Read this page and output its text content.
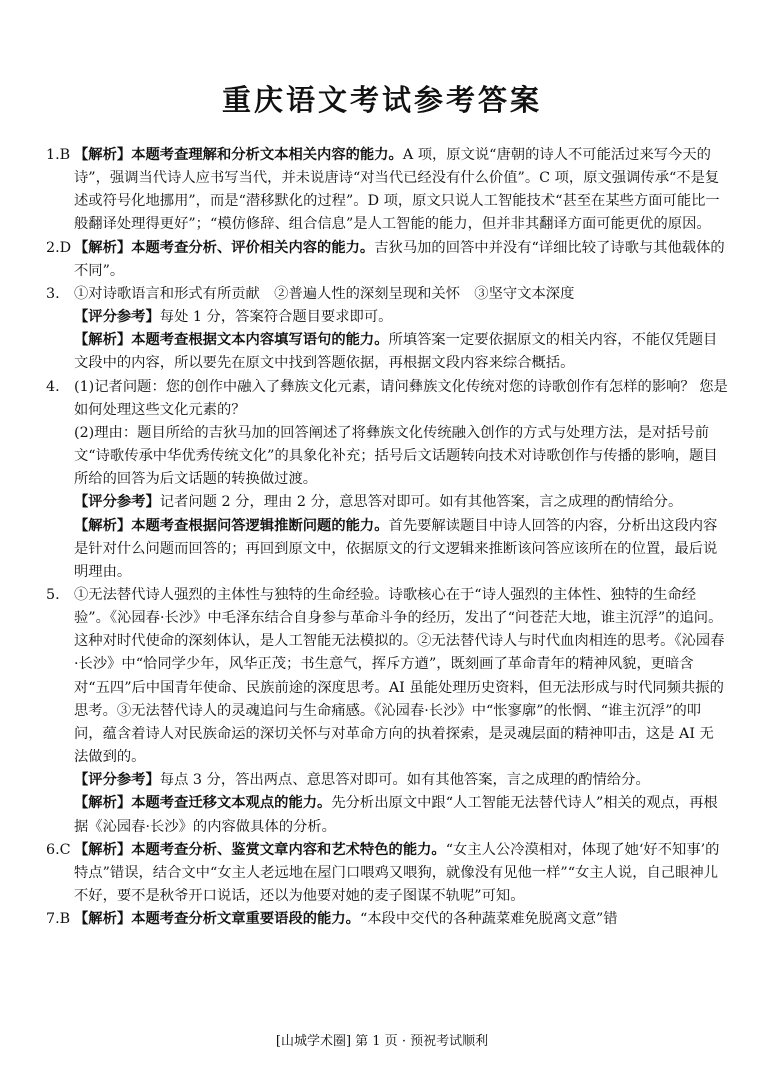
重庆语文考试参考答案
1.B 【解析】本题考查理解和分析文本相关内容的能力。A 项，原文说“唐朝的诗人不可能活过来写今天的诗”，强调当代诗人应书写当代，并未说唐诗“对当代已经没有什么价值”。C 项，原文强调传承“不是复述或符号化地挪用”，而是“潜移默化的过程”。D 项，原文只说人工智能技术“甚至在某些方面可能比一般翻译处理得更好”；“模仿修辞、组合信息”是人工智能的能力，但并非其翻译方面可能更优的原因。
2.D 【解析】本题考查分析、评价相关内容的能力。吉狄马加的回答中并没有“详细比较了诗歌与其他载体的不同”。
3. ①对诗歌语言和形式有所贡献　②普遍人性的深刻呈现和关怀　③坚守文本深度
【评分参考】每处 1 分，答案符合题目要求即可。
【解析】本题考查根据文本内容填写语句的能力。所填答案一定要依据原文的相关内容，不能仅凭题目文段中的内容，所以要先在原文中找到答题依据，再根据文段内容来综合概括。
4. (1)记者问题：您的创作中融入了彝族文化元素，请问彝族文化传统对您的诗歌创作有怎样的影响？ 您是如何处理这些文化元素的？
(2)理由：题目所给的吉狄马加的回答阐述了将彝族文化传统融入创作的方式与处理方法，是对括号前文“诗歌传承中华优秀传统文化”的具象化补充；括号后文话题转向技术对诗歌创作与传播的影响，题目所给的回答为后文话题的转换做过渡。
【评分参考】记者问题 2 分，理由 2 分，意思答对即可。如有其他答案，言之成理的酌情给分。
【解析】本题考查根据问答逻辑推断问题的能力。首先要解读题目中诗人回答的内容，分析出这段内容是针对什么问题而回答的；再回到原文中，依据原文的行文逻辑来推断该问答应该所在的位置，最后说明理由。
5. ①无法替代诗人强烈的主体性与独特的生命经验。诗歌核心在于“诗人强烈的主体性、独特的生命经验”。《沁园春·长沙》中毛泽东结合自身参与革命斗争的经历，发出了“问苍茫大地，谁主沉浮”的追问。这种对时代使命的深刻体认，是人工智能无法模拟的。②无法替代诗人与时代血肉相连的思考。《沁园春·长沙》中“恰同学少年，风华正茂；书生意气，挥斥方遒”，既刻画了革命青年的精神风貌，更暗含对“五四”后中国青年使命、民族前途的深度思考。AI 虽能处理历史资料，但无法形成与时代同频共振的思考。③无法替代诗人的灵魂追问与生命痛感。《沁园春·长沙》中“怅寥廓”的怅惘、“谁主沉浮”的叩问，蕴含着诗人对民族命运的深切关怀与对革命方向的执着探索，是灵魂层面的精神叩击，这是 AI 无法做到的。
【评分参考】每点 3 分，答出两点、意思答对即可。如有其他答案，言之成理的酌情给分。
【解析】本题考查迁移文本观点的能力。先分析出原文中跟“人工智能无法替代诗人”相关的观点，再根据《沁园春·长沙》的内容做具体的分析。
6.C 【解析】本题考查分析、鉴赏文章内容和艺术特色的能力。“女主人公冷漠相对，体现了她‘好不知事’的特点”错误，结合文中“女主人老远地在屋门口喂鸡又喂狗，就像没有见他一样”“女主人说，自己眼神儿不好，要不是秋爷开口说话，还以为他要对她的麦子图谋不轨呢”可知。
7.B 【解析】本题考查分析文章重要语段的能力。“本段中交代的各种蔬菜难免脱离文意”错
[山城学术圈] 第 1 页 · 预祝考试顺利
